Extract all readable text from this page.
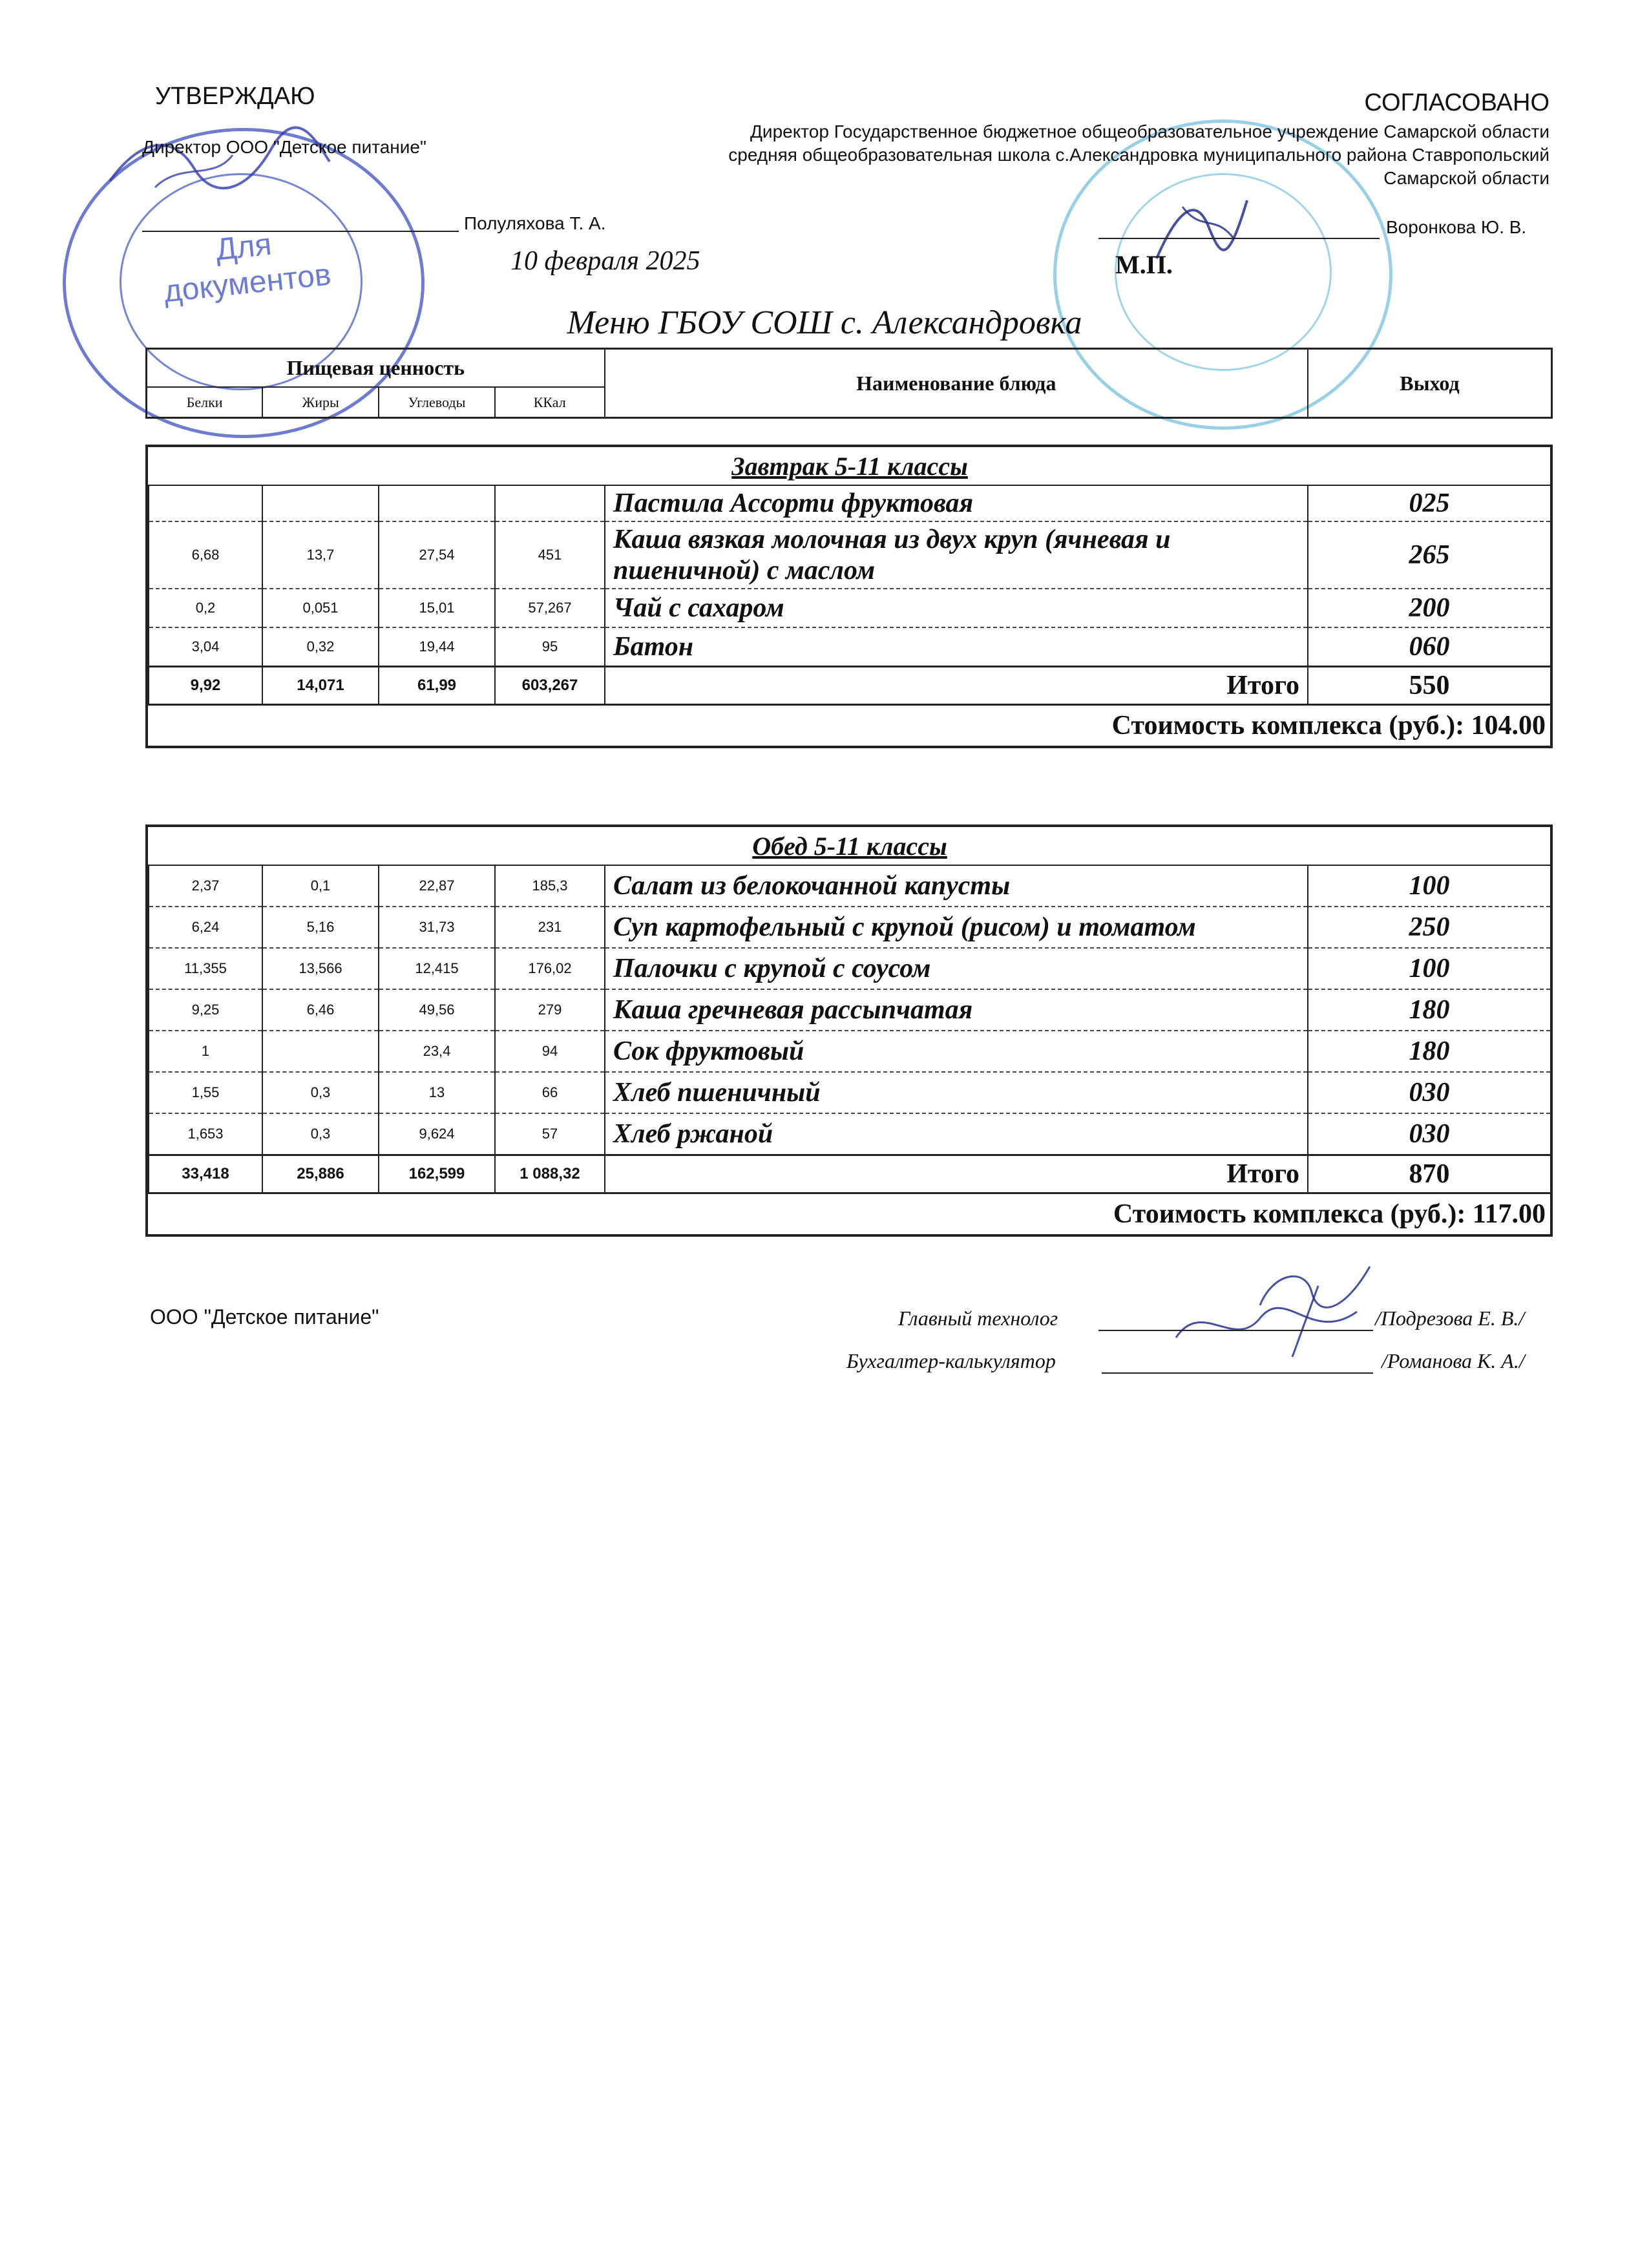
Для документов
УТВЕРЖДАЮ
Директор ООО "Детское питание"
Полуляхова Т. А.
10 февраля 2025
СОГЛАСОВАНО
Директор Государственное бюджетное общеобразовательное учреждение Самарской области средняя общеобразовательная школа с.Александровка муниципального района Ставропольский Самарской области
Воронкова Ю. В.
М.П.
Меню ГБОУ СОШ с. Александровка
Пищевая ценность				Наименование блюда	Выход
Белки	Жиры	Углеводы	ККал		
Завтрак 5-11 классы					
				Пастила Ассорти фруктовая	025
6,68	13,7	27,54	451	Каша вязкая молочная из двух круп (ячневая и пшеничной) с маслом	265
0,2	0,051	15,01	57,267	Чай с сахаром	200
3,04	0,32	19,44	95	Батон	060
9,92	14,071	61,99	603,267	Итого	550
Стоимость комплекса (руб.): 104.00					
Обед 5-11 классы					
2,37	0,1	22,87	185,3	Салат из белокочанной капусты	100
6,24	5,16	31,73	231	Суп картофельный с крупой (рисом) и томатом	250
11,355	13,566	12,415	176,02	Палочки с крупой с соусом	100
9,25	6,46	49,56	279	Каша гречневая рассыпчатая	180
1		23,4	94	Сок фруктовый	180
1,55	0,3	13	66	Хлеб пшеничный	030
1,653	0,3	9,624	57	Хлеб ржаной	030
33,418	25,886	162,599	1 088,32	Итого	870
Стоимость комплекса (руб.): 117.00					
ООО "Детское питание"	Главный технолог	/Подрезова Е. В./
Бухгалтер-калькулятор	/Романова К. А./
